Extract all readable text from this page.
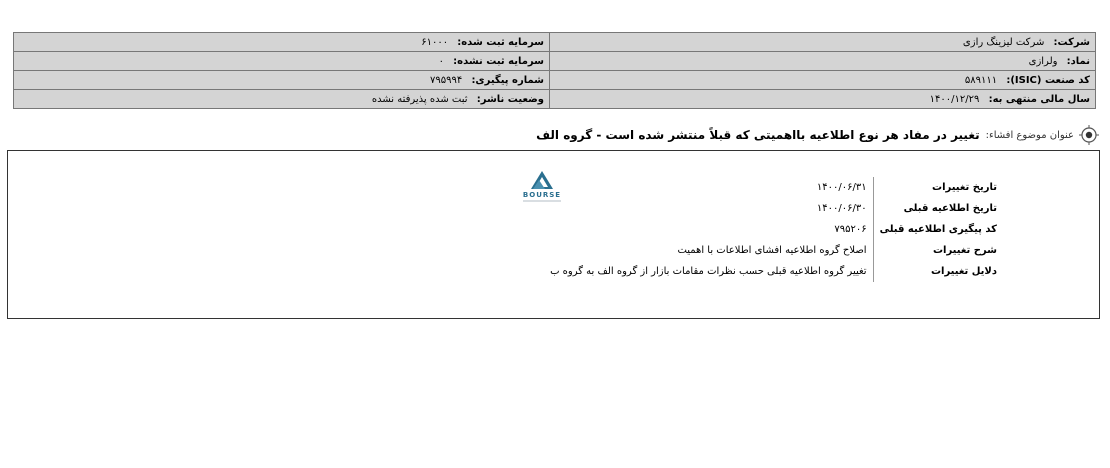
شرکت: شرکت لیزینگ رازی	سرمایه ثبت شده: ۶۱۰۰۰
نماد: ولرازی	سرمایه ثبت نشده: ۰
کد صنعت (ISIC): ۵۸۹۱۱۱	شماره پیگیری: ۷۹۵۹۹۴
سال مالی منتهی به: ۱۴۰۰/۱۲/۲۹	وضعیت ناشر: ثبت شده پذیرفته نشده
عنوان موضوع افشاء:
تغییر در مفاد هر نوع اطلاعیه بااهمیتی که قبلاً منتشر شده است - گروه الف
BOURSE
تاریخ تغییرات	۱۴۰۰/۰۶/۳۱
تاریخ اطلاعیه قبلی	۱۴۰۰/۰۶/۳۰
کد پیگیری اطلاعیه قبلی	۷۹۵۲۰۶
شرح تغییرات	اصلاح گروه اطلاعیه افشای اطلاعات با اهمیت
دلایل تغییرات	تغییر گروه اطلاعیه قبلی حسب نظرات مقامات بازار از گروه الف به گروه ب
